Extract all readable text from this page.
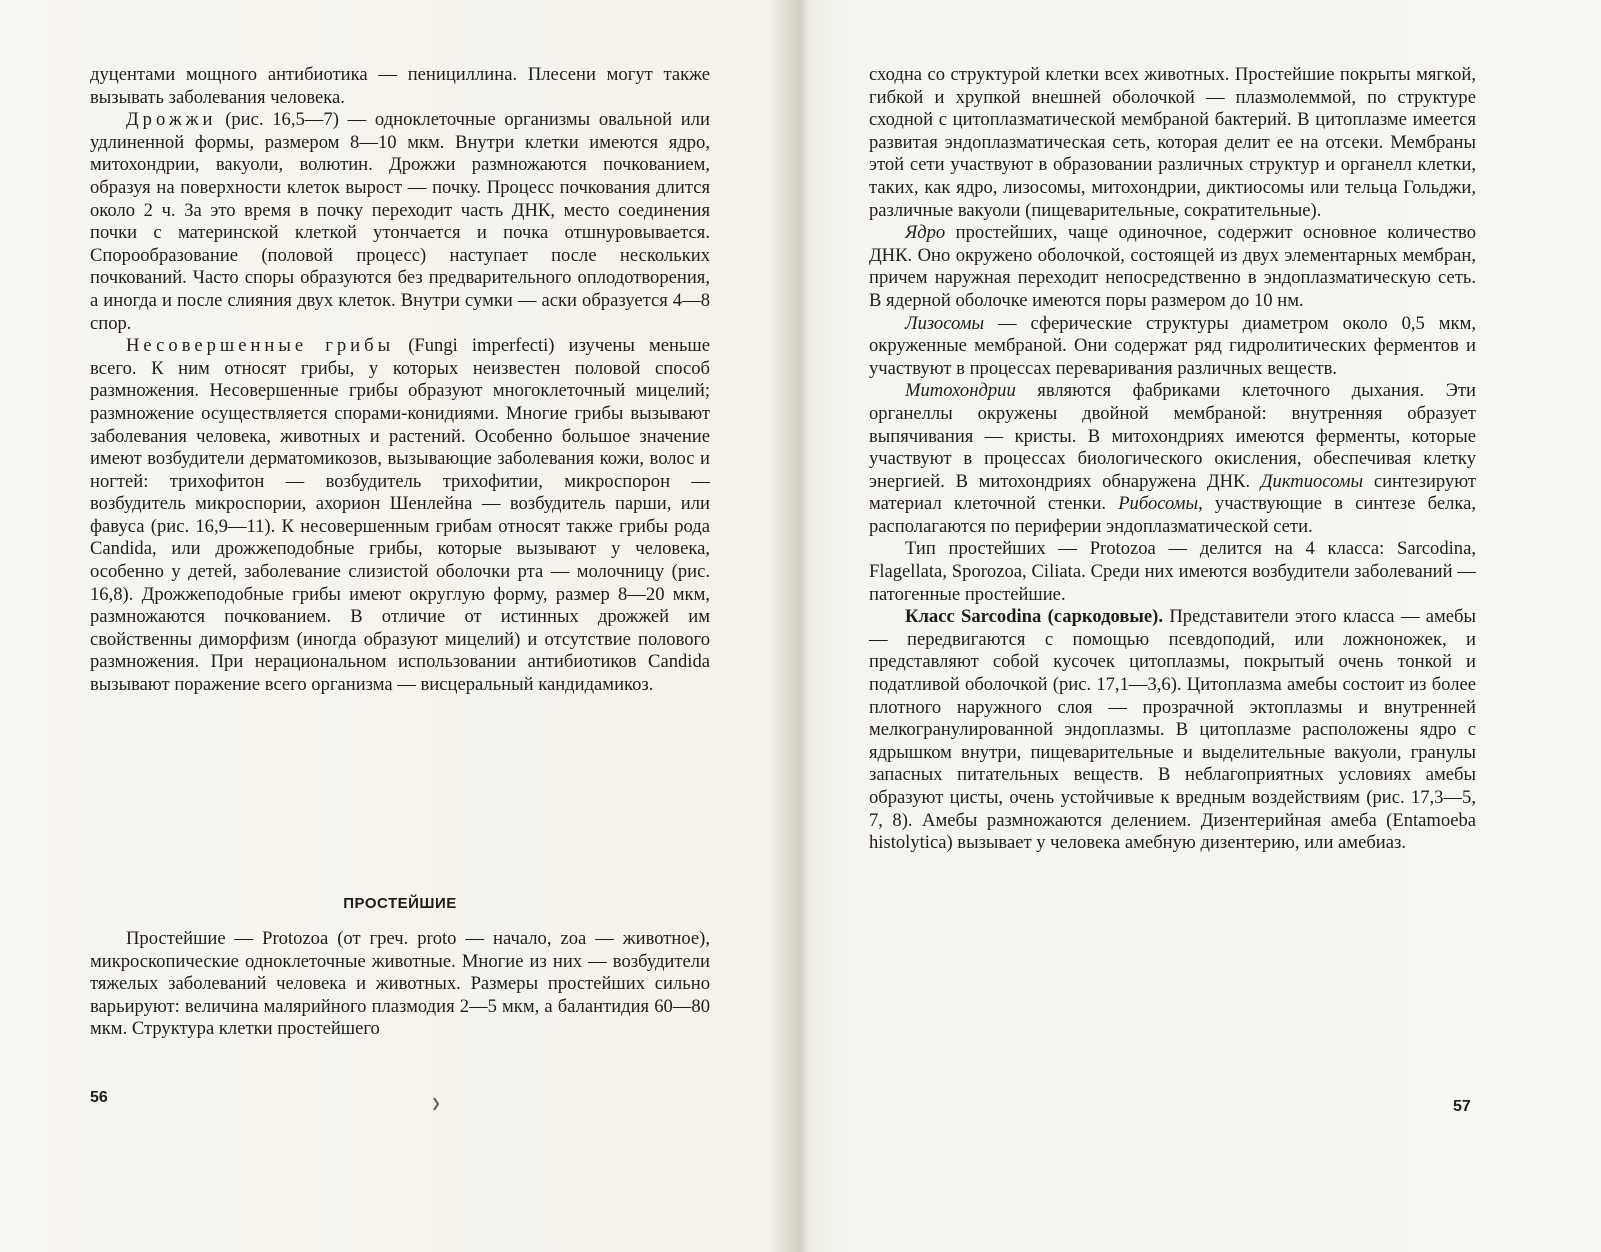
дуцентами мощного антибиотика — пенициллина. Плесени могут также вызывать заболевания человека.

Дрожжи (рис. 16,5—7) — одноклеточные организмы овальной или удлиненной формы, размером 8—10 мкм. Внутри клетки имеются ядро, митохондрии, вакуоли, волютин. Дрожжи размножаются почкованием, образуя на поверхности клеток вырост — почку. Процесс почкования длится около 2 ч. За это время в почку переходит часть ДНК, место соединения почки с материнской клеткой утончается и почка отшнуровывается. Спорообразование (половой процесс) наступает после нескольких почкований. Часто споры образуются без предварительного оплодотворения, а иногда и после слияния двух клеток. Внутри сумки — аски образуется 4—8 спор.

Несовершенные грибы (Fungi imperfecti) изучены меньше всего. К ним относят грибы, у которых неизвестен половой способ размножения. Несовершенные грибы образуют многоклеточный мицелий; размножение осуществляется спорами-конидиями. Многие грибы вызывают заболевания человека, животных и растений. Особенно большое значение имеют возбудители дерматомикозов, вызывающие заболевания кожи, волос и ногтей: трихофитон — возбудитель трихофитии, микроспорон — возбудитель микроспории, ахорион Шенлейна — возбудитель парши, или фавуса (рис. 16,9—11). К несовершенным грибам относят также грибы рода Candida, или дрожжеподобные грибы, которые вызывают у человека, особенно у детей, заболевание слизистой оболочки рта — молочницу (рис. 16,8). Дрожжеподобные грибы имеют округлую форму, размер 8—20 мкм, размножаются почкованием. В отличие от истинных дрожжей им свойственны диморфизм (иногда образуют мицелий) и отсутствие полового размножения. При нерациональном использовании антибиотиков Candida вызывают поражение всего организма — висцеральный кандидамикоз.

ПРОСТЕЙШИЕ

Простейшие — Protozoa (от греч. proto — начало, zoa — животное), микроскопические одноклеточные животные. Многие из них — возбудители тяжелых заболеваний человека и животных. Размеры простейших сильно варьируют: величина малярийного плазмодия 2—5 мкм, а балантидия 60—80 мкм. Структура клетки простейшего

56

сходна со структурой клетки всех животных. Простейшие покрыты мягкой, гибкой и хрупкой внешней оболочкой — плазмолеммой, по структуре сходной с цитоплазматической мембраной бактерий. В цитоплазме имеется развитая эндоплазматическая сеть, которая делит ее на отсеки. Мембраны этой сети участвуют в образовании различных структур и органелл клетки, таких, как ядро, лизосомы, митохондрии, диктиосомы или тельца Гольджи, различные вакуоли (пищеварительные, сократительные).

Ядро простейших, чаще одиночное, содержит основное количество ДНК. Оно окружено оболочкой, состоящей из двух элементарных мембран, причем наружная переходит непосредственно в эндоплазматическую сеть. В ядерной оболочке имеются поры размером до 10 нм.

Лизосомы — сферические структуры диаметром около 0,5 мкм, окруженные мембраной. Они содержат ряд гидролитических ферментов и участвуют в процессах переваривания различных веществ.

Митохондрии являются фабриками клеточного дыхания. Эти органеллы окружены двойной мембраной: внутренняя образует выпячивания — кристы. В митохондриях имеются ферменты, которые участвуют в процессах биологического окисления, обеспечивая клетку энергией. В митохондриях обнаружена ДНК. Диктиосомы синтезируют материал клеточной стенки. Рибосомы, участвующие в синтезе белка, располагаются по периферии эндоплазматической сети.

Тип простейших — Protozoa — делится на 4 класса: Sarcodina, Flagellata, Sporozoa, Ciliata. Среди них имеются возбудители заболеваний — патогенные простейшие.

Класс Sarcodina (саркодовые). Представители этого класса — амебы — передвигаются с помощью псевдоподий, или ложноножек, и представляют собой кусочек цитоплазмы, покрытый очень тонкой и податливой оболочкой (рис. 17,1—3,6). Цитоплазма амебы состоит из более плотного наружного слоя — прозрачной эктоплазмы и внутренней мелкогранулированной эндоплазмы. В цитоплазме расположены ядро с ядрышком внутри, пищеварительные и выделительные вакуоли, гранулы запасных питательных веществ. В неблагоприятных условиях амебы образуют цисты, очень устойчивые к вредным воздействиям (рис. 17,3—5, 7, 8). Амебы размножаются делением. Дизентерийная амеба (Entamoeba histolytica) вызывает у человека амебную дизентерию, или амебиаз.

57
